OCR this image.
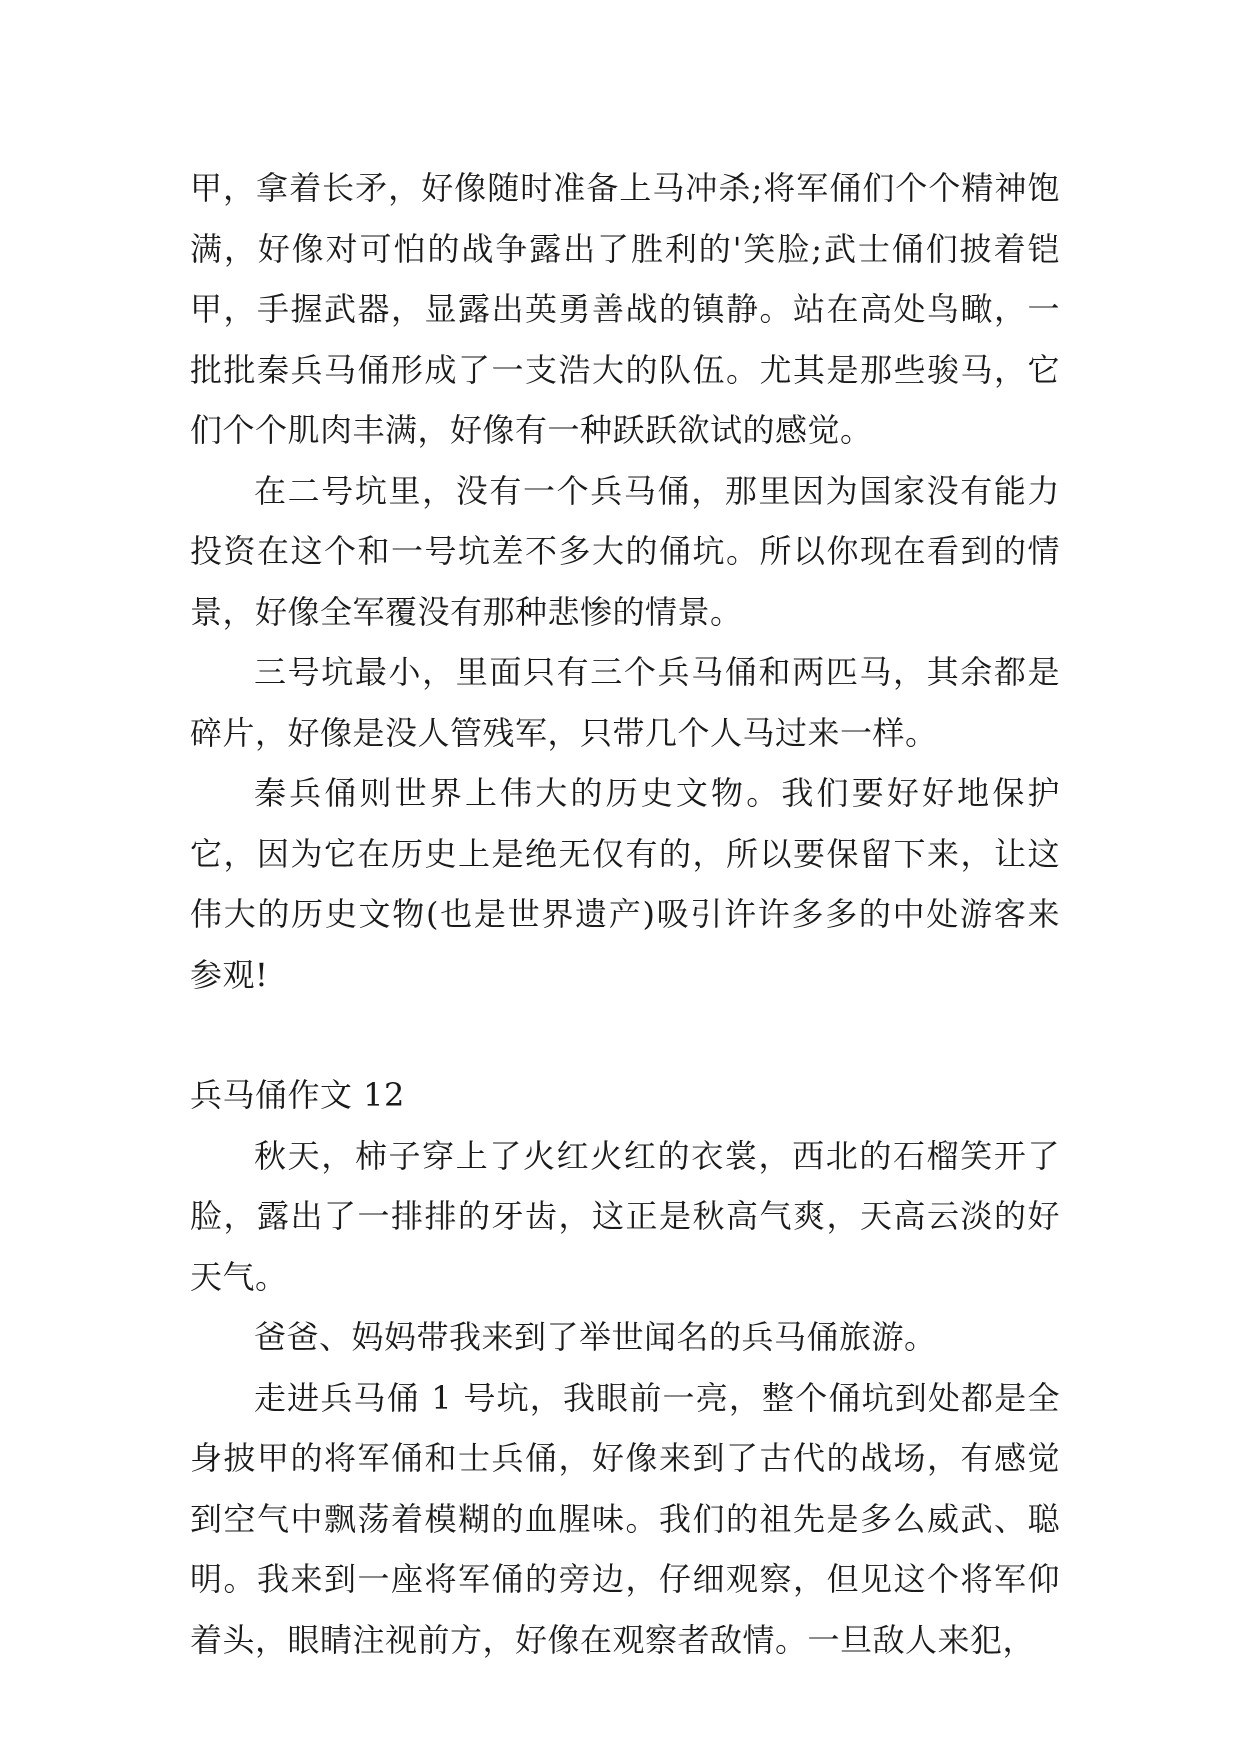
甲，拿着长矛，好像随时准备上马冲杀;将军俑们个个精神饱满，好像对可怕的战争露出了胜利的'笑脸;武士俑们披着铠甲，手握武器，显露出英勇善战的镇静。站在高处鸟瞰，一批批秦兵马俑形成了一支浩大的队伍。尤其是那些骏马，它们个个肌肉丰满，好像有一种跃跃欲试的感觉。

在二号坑里，没有一个兵马俑，那里因为国家没有能力投资在这个和一号坑差不多大的俑坑。所以你现在看到的情景，好像全军覆没有那种悲惨的情景。

三号坑最小，里面只有三个兵马俑和两匹马，其余都是碎片，好像是没人管残军，只带几个人马过来一样。

秦兵俑则世界上伟大的历史文物。我们要好好地保护它，因为它在历史上是绝无仅有的，所以要保留下来，让这伟大的历史文物(也是世界遗产)吸引许许多多的中处游客来参观!

兵马俑作文 12

秋天，柿子穿上了火红火红的衣裳，西北的石榴笑开了脸，露出了一排排的牙齿，这正是秋高气爽，天高云淡的好天气。

爸爸、妈妈带我来到了举世闻名的兵马俑旅游。

走进兵马俑 1 号坑，我眼前一亮，整个俑坑到处都是全身披甲的将军俑和士兵俑，好像来到了古代的战场，有感觉到空气中飘荡着模糊的血腥味。我们的祖先是多么威武、聪明。我来到一座将军俑的旁边，仔细观察，但见这个将军仰着头，眼睛注视前方，好像在观察者敌情。一旦敌人来犯，
